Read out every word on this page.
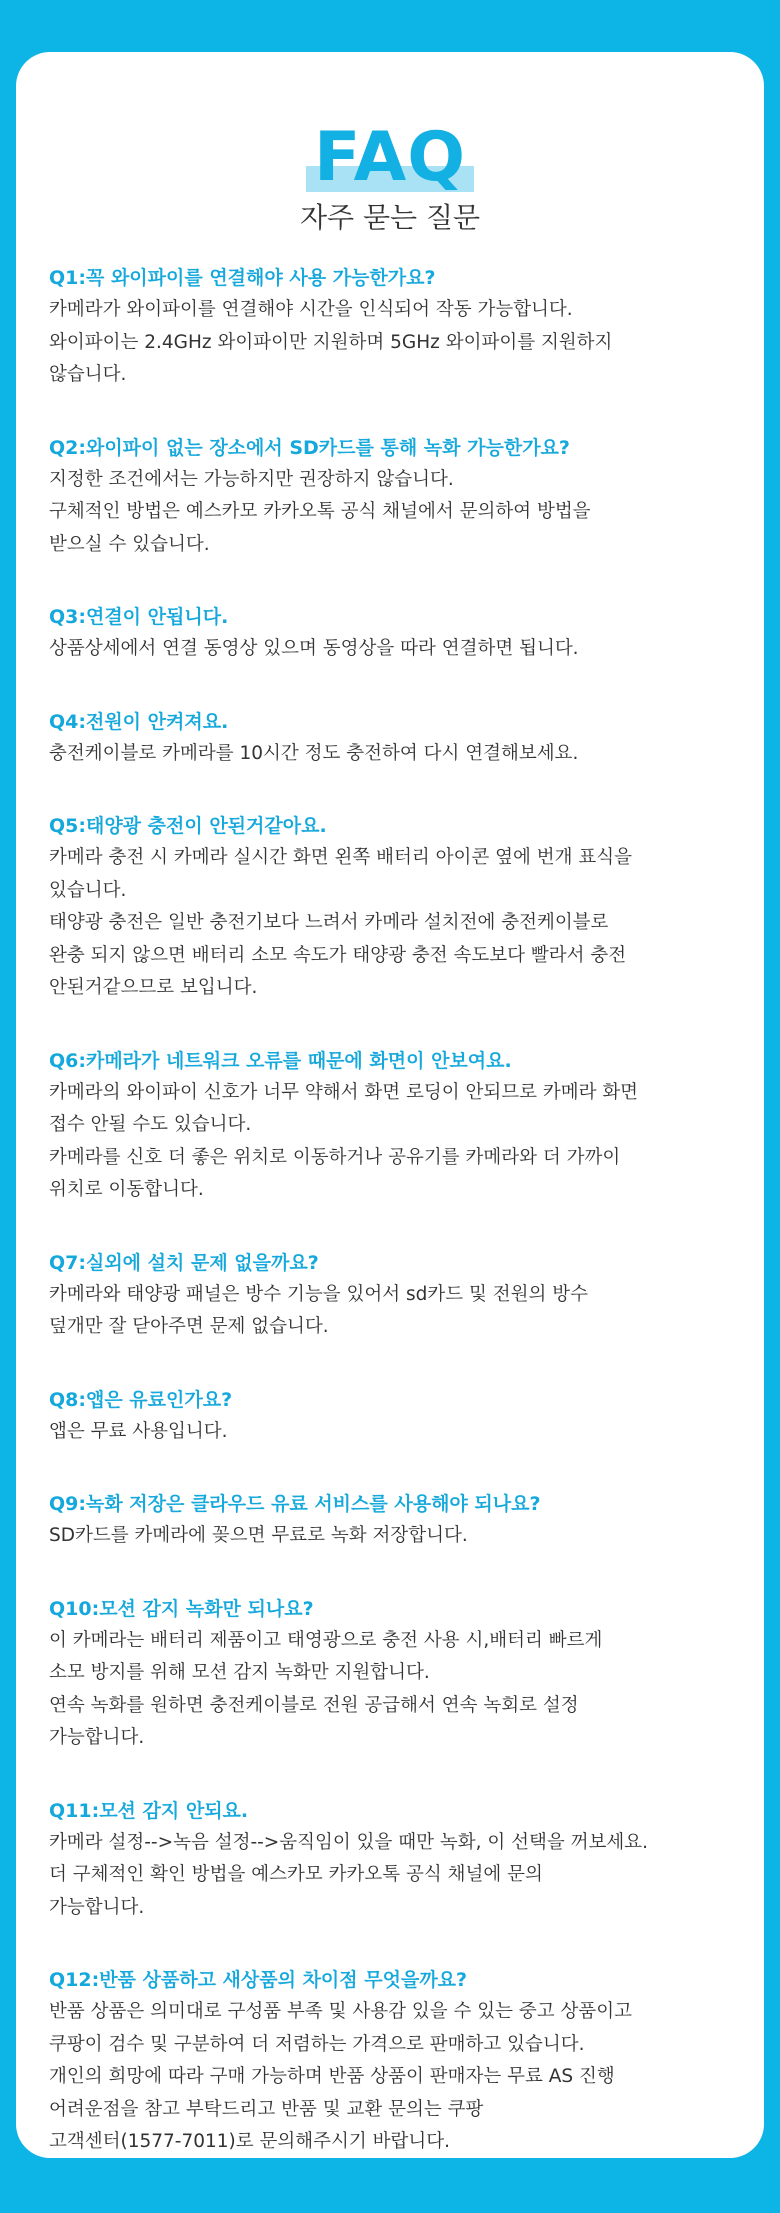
FAQ
자주 묻는 질문
Q1:꼭 와이파이를 연결해야 사용 가능한가요?
카메라가 와이파이를 연결해야 시간을 인식되어 작동 가능합니다.
와이파이는 2.4GHz 와이파이만 지원하며 5GHz 와이파이를 지원하지
않습니다.
Q2:와이파이 없는 장소에서 SD카드를 통해 녹화 가능한가요?
지정한 조건에서는 가능하지만 권장하지 않습니다.
구체적인 방법은 예스카모 카카오톡 공식 채널에서 문의하여 방법을
받으실 수 있습니다.
Q3:연결이 안됩니다.
상품상세에서 연결 동영상 있으며 동영상을 따라 연결하면 됩니다.
Q4:전원이 안켜져요.
충전케이블로 카메라를 10시간 정도 충전하여 다시 연결해보세요.
Q5:태양광 충전이 안된거같아요.
카메라 충전 시 카메라 실시간 화면 왼쪽 배터리 아이콘 옆에 번개 표식을
있습니다.
태양광 충전은 일반 충전기보다 느려서 카메라 설치전에 충전케이블로
완충 되지 않으면 배터리 소모 속도가 태양광 충전 속도보다 빨라서 충전
안된거같으므로 보입니다.
Q6:카메라가 네트워크 오류를 때문에 화면이 안보여요.
카메라의 와이파이 신호가 너무 약해서 화면 로딩이 안되므로 카메라 화면
접수 안될 수도 있습니다.
카메라를 신호 더 좋은 위치로 이동하거나 공유기를 카메라와 더 가까이
위치로 이동합니다.
Q7:실외에 설치 문제 없을까요?
카메라와 태양광 패널은 방수 기능을 있어서 sd카드 및 전원의 방수
덮개만 잘 닫아주면 문제 없습니다.
Q8:앱은 유료인가요?
앱은 무료 사용입니다.
Q9:녹화 저장은 클라우드 유료 서비스를 사용해야 되나요?
SD카드를 카메라에 꽂으면 무료로 녹화 저장합니다.
Q10:모션 감지 녹화만 되나요?
이 카메라는 배터리 제품이고 태영광으로 충전 사용 시,배터리 빠르게
소모 방지를 위해 모션 감지 녹화만 지원합니다.
연속 녹화를 원하면 충전케이블로 전원 공급해서 연속 녹회로 설정
가능합니다.
Q11:모션 감지 안되요.
카메라 설정-->녹음 설정-->움직임이 있을 때만 녹화, 이 선택을 꺼보세요.
더 구체적인 확인 방법을 예스카모 카카오톡 공식 채널에 문의
가능합니다.
Q12:반품 상품하고 새상품의 차이점 무엇을까요?
반품 상품은 의미대로 구성품 부족 및 사용감 있을 수 있는 중고 상품이고
쿠팡이 검수 및 구분하여 더 저렴하는 가격으로 판매하고 있습니다.
개인의 희망에 따라 구매 가능하며 반품 상품이 판매자는 무료 AS 진행
어려운점을 참고 부탁드리고 반품 및 교환 문의는 쿠팡
고객센터(1577-7011)로 문의해주시기 바랍니다.
